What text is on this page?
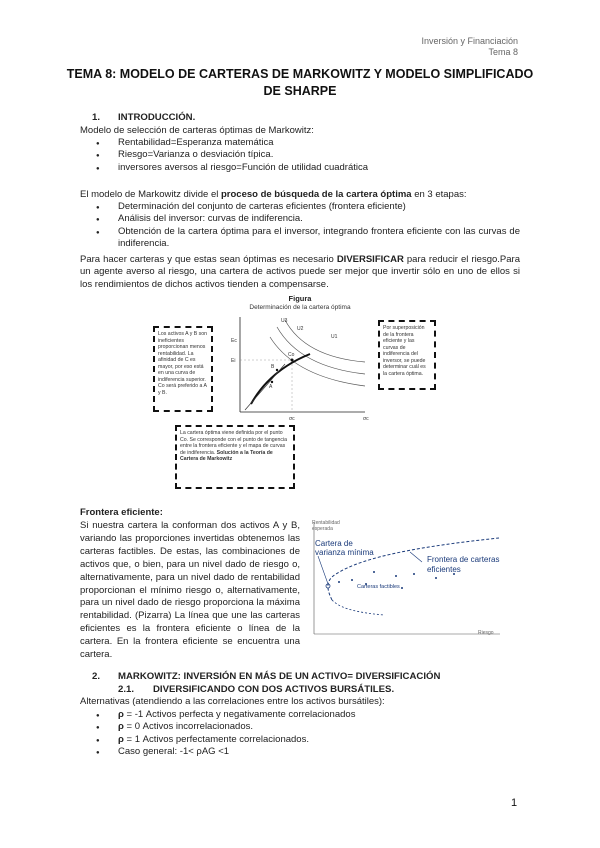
Inversión y Financiación
Tema 8
TEMA 8: MODELO DE CARTERAS DE MARKOWITZ Y MODELO SIMPLIFICADO DE SHARPE
1. INTRODUCCIÓN.
Modelo de selección de carteras óptimas de Markowitz:
● Rentabilidad=Esperanza matemática
● Riesgo=Varianza o desviación típica.
● inversores aversos al riesgo=Función de utilidad cuadrática
El modelo de Markowitz divide el proceso de búsqueda de la cartera óptima en 3 etapas:
● Determinación del conjunto de carteras eficientes (frontera eficiente)
● Análisis del inversor: curvas de indiferencia.
● Obtención de la cartera óptima para el inversor, integrando frontera eficiente con las curvas de indiferencia.
Para hacer carteras y que estas sean óptimas es necesario DIVERSIFICAR para reducir el riesgo.Para un agente averso al riesgo, una cartera de activos puede ser mejor que invertir sólo en uno de ellos si los rendimientos de dichos activos tienden a compensarse.
Figura
Determinación de la cartera óptima
U3
U2
U1
Ec
Ei
Co
B
A
σc	σc
Los activos A y B son ineficientes proporcionan menos rentabilidad. La afinidad de C es mayor, por eso está en una curva de indiferencia superior. Co será preferido a A y B.
Por superposición de la frontera eficiente y las curvas de indiferencia del inversor, se puede determinar cuál es la cartera óptima.
La cartera óptima viene definida por el punto Co. Se corresponde con el punto de tangencia entre la frontera eficiente y el mapa de curvas de indiferencia. Solución a la Teoría de Cartera de Markowitz
Frontera eficiente:
Si nuestra cartera la conforman dos activos A y B, variando las proporciones invertidas obtenemos las carteras factibles. De estas, las combinaciones de activos que, o bien, para un nivel dado de riesgo o, alternativamente, para un nivel dado de rentabilidad proporcionan el mínimo riesgo o, alternativamente, para un nivel dado de riesgo proporciona la máxima rentabilidad. (Pizarra) La línea que une las carteras eficientes es la frontera eficiente o línea de la cartera. En la frontera eficiente se encuentra una cartera.
Rentabilidad esperada
Cartera de varianza mínima
Frontera de carteras eficientes
Carteras factibles
Riesgo
2. MARKOWITZ: INVERSIÓN EN MÁS DE UN ACTIVO= DIVERSIFICACIÓN
2.1. DIVERSIFICANDO CON DOS ACTIVOS BURSÁTILES.
Alternativas (atendiendo a las correlaciones entre los activos bursátiles):
● ρ = -1 Activos perfecta y negativamente correlacionados
● ρ = 0 Activos incorrelacionados.
● ρ = 1 Activos perfectamente correlacionados.
● Caso general: -1< ρAG <1
1
